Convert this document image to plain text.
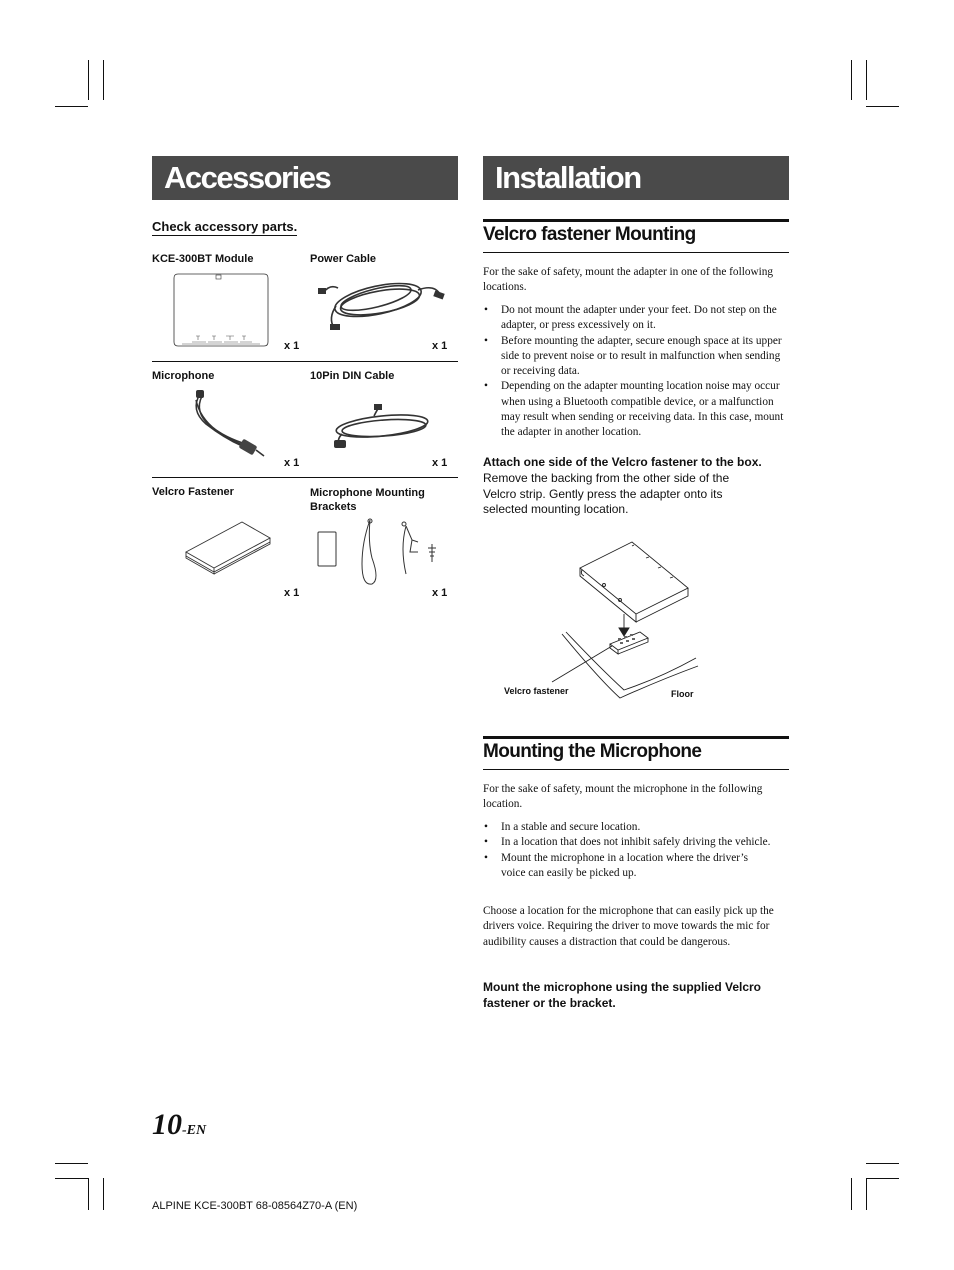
Accessories
Check accessory parts.
KCE-300BT Module	Power Cable
x 1	x 1
Microphone	10Pin DIN Cable
x 1	x 1
Velcro Fastener	Microphone Mounting Brackets
x 1	x 1
Installation
Velcro fastener Mounting

For the sake of safety, mount the adapter in one of the following locations.

• Do not mount the adapter under your feet. Do not step on the adapter, or press excessively on it.
• Before mounting the adapter, secure enough space at its upper side to prevent noise or to result in malfunction when sending or receiving data.
• Depending on the adapter mounting location noise may occur when using a Bluetooth compatible device, or a malfunction may result when sending or receiving data. In this case, mount the adapter in another location.

Attach one side of the Velcro fastener to the box.

Remove the backing from the other side of the Velcro strip. Gently press the adapter onto its selected mounting location.

Velcro fastener	Floor
Mounting the Microphone

For the sake of safety, mount the microphone in the following location.

• In a stable and secure location.
• In a location that does not inhibit safely driving the vehicle.
• Mount the microphone in a location where the driver’s voice can easily be picked up.

Choose a location for the microphone that can easily pick up the drivers voice. Requiring the driver to move towards the mic for audibility causes a distraction that could be dangerous.

Mount the microphone using the supplied Velcro fastener or the bracket.

10-EN
ALPINE KCE-300BT 68-08564Z70-A (EN)
